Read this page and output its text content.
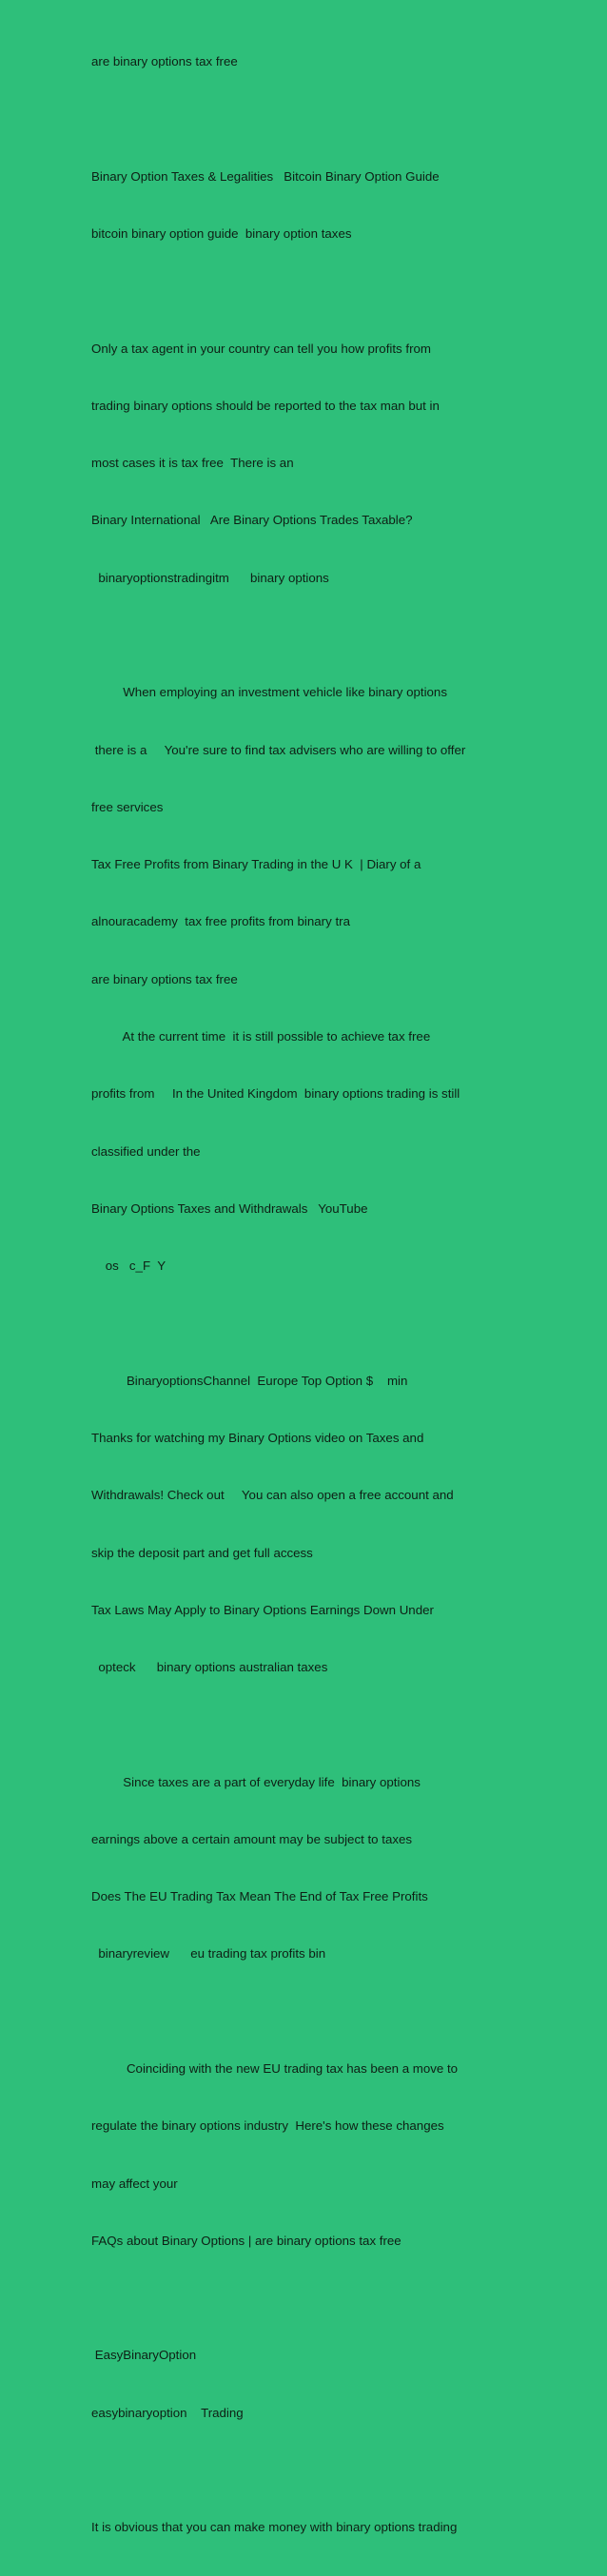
are binary options tax free

Binary Option Taxes & Legalities   Bitcoin Binary Option Guide

bitcoin binary option guide  binary option taxes

Only a tax agent in your country can tell you how profits from

trading binary options should be reported to the tax man but in

most cases it is tax free  There is an

Binary International   Are Binary Options Trades Taxable?

binaryoptionstradingitm      binary options

When employing an investment vehicle like binary options

there is a     You're sure to find tax advisers who are willing to offer

free services

Tax Free Profits from Binary Trading in the U K  | Diary of a

alnouracademy  tax free profits from binary tra

are binary options tax free

At the current time  it is still possible to achieve tax free

profits from     In the United Kingdom  binary options trading is still

classified under the

Binary Options Taxes and Withdrawals   YouTube

os   c_F  Y

BinaryoptionsChannel  Europe Top Option $    min

Thanks for watching my Binary Options video on Taxes and

Withdrawals! Check out     You can also open a free account and

skip the deposit part and get full access

Tax Laws May Apply to Binary Options Earnings Down Under

opteck      binary options australian taxes

Since taxes are a part of everyday life  binary options

earnings above a certain amount may be subject to taxes

Does The EU Trading Tax Mean The End of Tax Free Profits

binaryreview      eu trading tax profits bin

Coinciding with the new EU trading tax has been a move to

regulate the binary options industry  Here's how these changes

may affect your

FAQs about Binary Options | are binary options tax free

EasyBinaryOption

easybinaryoption    Trading

It is obvious that you can make money with binary options trading
